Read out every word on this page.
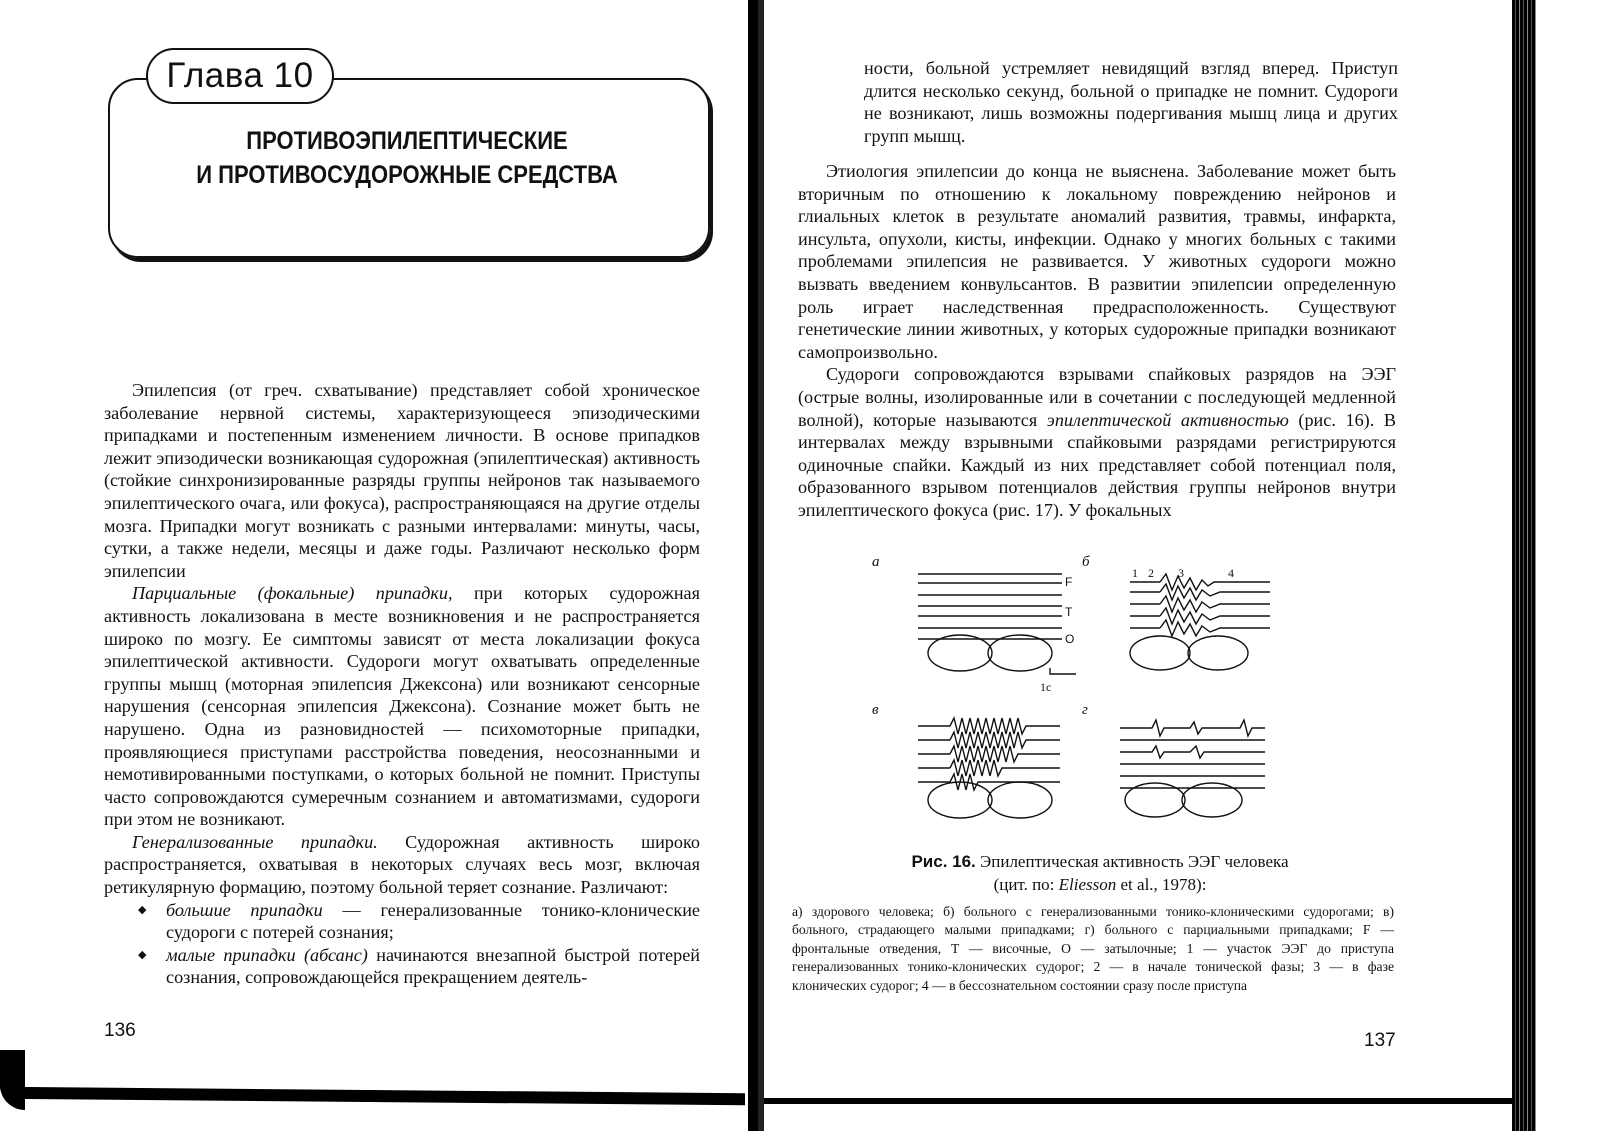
Глава 10
ПРОТИВОЭПИЛЕПТИЧЕСКИЕ
И ПРОТИВОСУДОРОЖНЫЕ СРЕДСТВА

Эпилепсия (от греч. схватывание) представляет собой хроническое заболевание нервной системы, характеризующееся эпизодическими припадками и постепенным изменением личности. В основе припадков лежит эпизодически возникающая судорожная (эпилептическая) активность (стойкие синхронизированные разряды группы нейронов так называемого эпилептического очага, или фокуса), распространяющаяся на другие отделы мозга. Припадки могут возникать с разными интервалами: минуты, часы, сутки, а также недели, месяцы и даже годы. Различают несколько форм эпилепсии

Парциальные (фокальные) припадки, при которых судорожная активность локализована в месте возникновения и не распространяется широко по мозгу. Ее симптомы зависят от места локализации фокуса эпилептической активности. Судороги могут охватывать определенные группы мышц (моторная эпилепсия Джексона) или возникают сенсорные нарушения (сенсорная эпилепсия Джексона). Сознание может быть не нарушено. Одна из разновидностей — психомоторные припадки, проявляющиеся приступами расстройства поведения, неосознанными и немотивированными поступками, о которых больной не помнит. Приступы часто сопровождаются сумеречным сознанием и автоматизмами, судороги при этом не возникают.

Генерализованные припадки. Судорожная активность широко распространяется, охватывая в некоторых случаях весь мозг, включая ретикулярную формацию, поэтому больной теряет сознание. Различают:

◆ большие припадки — генерализованные тонико-клонические судороги с потерей сознания;
◆ малые припадки (абсанс) начинаются внезапной быстрой потерей сознания, сопровождающейся прекращением деятель-
136

ности, больной устремляет невидящий взгляд вперед. Приступ длится несколько секунд, больной о припадке не помнит. Судороги не возникают, лишь возможны подергивания мышц лица и других групп мышц.

Этиология эпилепсии до конца не выяснена. Заболевание может быть вторичным по отношению к локальному повреждению нейронов и глиальных клеток в результате аномалий развития, травмы, инфаркта, инсульта, опухоли, кисты, инфекции. Однако у многих больных с такими проблемами эпилепсия не развивается. У животных судороги можно вызвать введением конвульсантов. В развитии эпилепсии определенную роль играет наследственная предрасположенность. Существуют генетические линии животных, у которых судорожные припадки возникают самопроизвольно.

Судороги сопровождаются взрывами спайковых разрядов на ЭЭГ (острые волны, изолированные или в сочетании с последующей медленной волной), которые называются эпилептической активностью (рис. 16). В интервалах между взрывными спайковыми разрядами регистрируются одиночные спайки. Каждый из них представляет собой потенциал поля, образованного взрывом потенциалов действия группы нейронов внутри эпилептического фокуса (рис. 17). У фокальных

а	б
в	г
F
T
O
1c
1 2 3	4
Рис. 16. Эпилептическая активность ЭЭГ человека
(цит. по: Eliesson et al., 1978):
а) здорового человека; б) больного с генерализованными тонико-клоническими судорогами; в) больного, страдающего малыми припадками; г) больного с парциальными припадками; F — фронтальные отведения, T — височные, O — затылочные; 1 — участок ЭЭГ до приступа генерализованных тонико-клонических судорог; 2 — в начале тонической фазы; 3 — в фазе клонических судорог; 4 — в бессознательном состоянии сразу после приступа
137
